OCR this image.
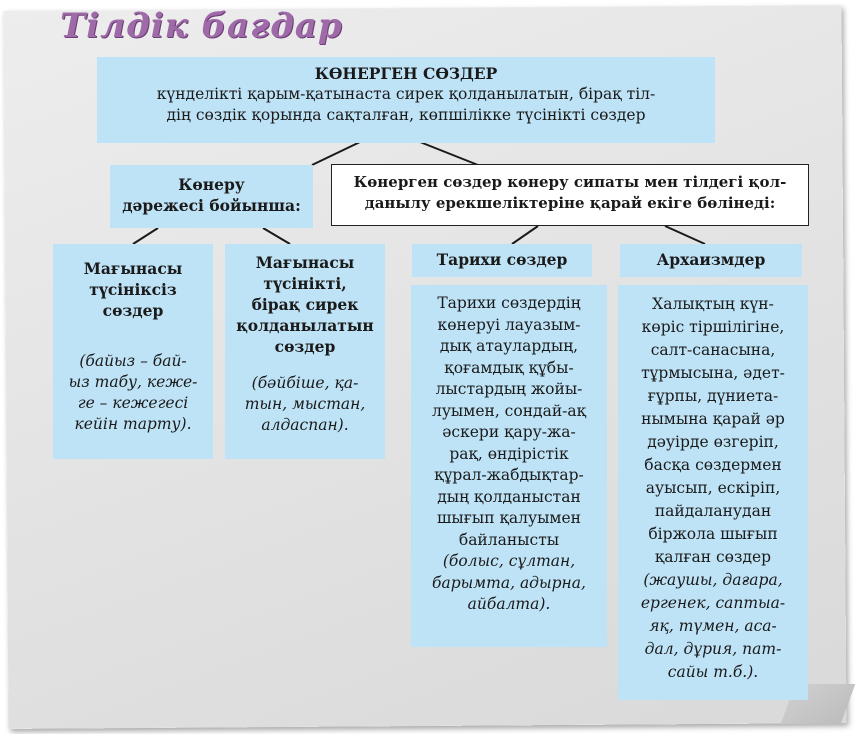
Тілдік бағдар
КӨНЕРГЕН СӨЗДЕР
күнделікті қарым-қатынаста сирек қолданылатын, бірақ тіл-
дің сөздік қорында сақталған, көпшілікке түсінікті сөздер
Көнеру
дәрежесі бойынша:
Көнерген сөздер көнеру сипаты мен тілдегі қол-
данылу ерекшеліктеріне қарай екіге бөлінеді:
Мағынасы
түсініксіз
сөздер
(байыз – бай-
ыз табу, кеже-
ге – кежегесі
кейін тарту).
Мағынасы
түсінікті,
бірақ сирек
қолданылатын
сөздер
(бәйбіше, қа-
тын, мыстан,
алдаспан).
Тарихи сөздер
Тарихи сөздердің
көнеруі лауазым-
дық атаулардың,
қоғамдық құбы-
лыстардың жойы-
луымен, сондай-ақ
әскери қару-жа-
рақ, өндірістік
құрал-жабдықтар-
дың қолданыстан
шығып қалуымен
байланысты
(болыс, сұлтан,
барымта, адырна,
айбалта).
Архаизмдер
Халықтың күн-
көріс тіршілігіне,
салт-санасына,
тұрмысына, әдет-
ғұрпы, дүниета-
нымына қарай әр
дәуірде өзгеріп,
басқа сөздермен
ауысып, ескіріп,
пайдаланудан
біржола шығып
қалған сөздер
(жаушы, дағара,
ергенек, саптыа-
яқ, түмен, аса-
дал, дұрия, пат-
сайы т.б.).
